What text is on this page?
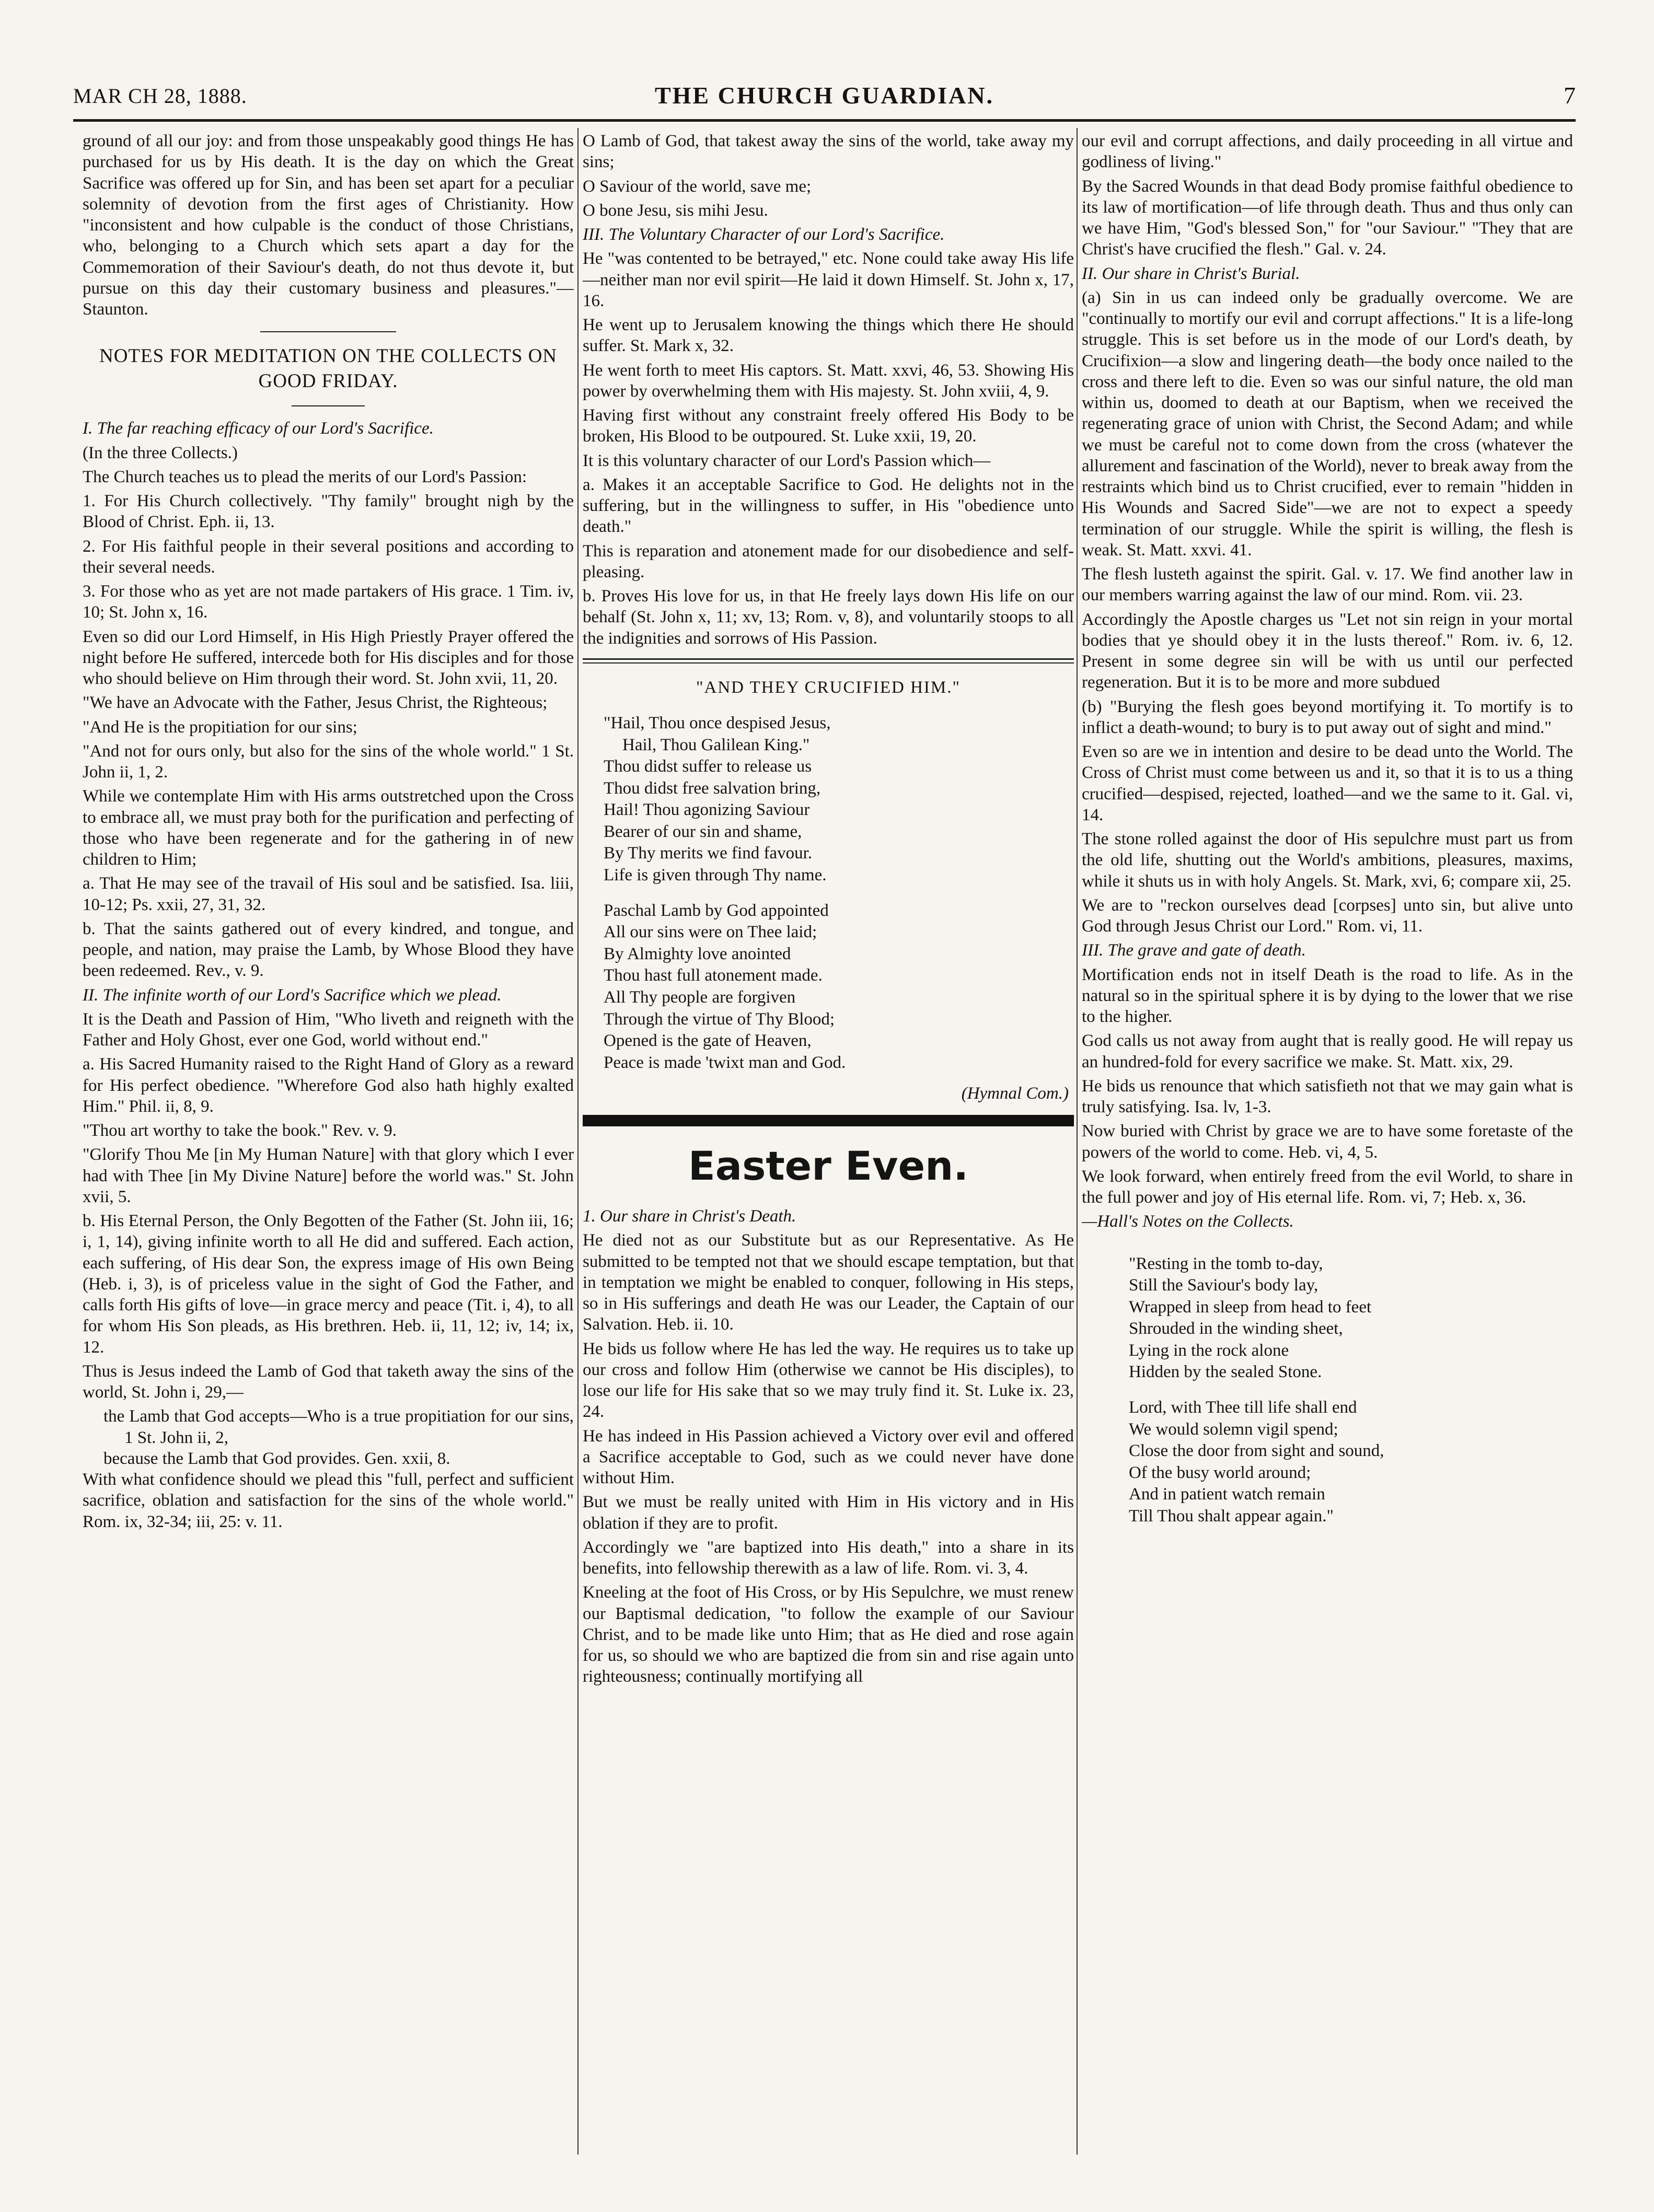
MAR CH 28, 1888.	THE CHURCH GUARDIAN.	7

ground of all our joy: and from those unspeakably good things He has purchased for us by His death. It is the day on which the Great Sacrifice was offered up for Sin, and has been set apart for a peculiar solemnity of devotion from the first ages of Christianity. How "inconsistent and how culpable is the conduct of those Christians, who, belonging to a Church which sets apart a day for the Commemoration of their Saviour's death, do not thus devote it, but pursue on this day their customary business and pleasures."—Staunton.

NOTES FOR MEDITATION ON THE COLLECTS ON GOOD FRIDAY.

I. The far reaching efficacy of our Lord's Sacrifice.

(In the three Collects.)

The Church teaches us to plead the merits of our Lord's Passion:

1. For His Church collectively. "Thy family" brought nigh by the Blood of Christ. Eph. ii, 13.

2. For His faithful people in their several positions and according to their several needs.

3. For those who as yet are not made partakers of His grace. 1 Tim. iv, 10; St. John x, 16.

Even so did our Lord Himself, in His High Priestly Prayer offered the night before He suffered, intercede both for His disciples and for those who should believe on Him through their word. St. John xvii, 11, 20.

"We have an Advocate with the Father, Jesus Christ, the Righteous;

"And He is the propitiation for our sins;

"And not for ours only, but also for the sins of the whole world." 1 St. John ii, 1, 2.

While we contemplate Him with His arms outstretched upon the Cross to embrace all, we must pray both for the purification and perfecting of those who have been regenerate and for the gathering in of new children to Him;

a. That He may see of the travail of His soul and be satisfied. Isa. liii, 10-12; Ps. xxii, 27, 31, 32.

b. That the saints gathered out of every kindred, and tongue, and people, and nation, may praise the Lamb, by Whose Blood they have been redeemed. Rev., v. 9.

II. The infinite worth of our Lord's Sacrifice which we plead.

It is the Death and Passion of Him, "Who liveth and reigneth with the Father and Holy Ghost, ever one God, world without end."

a. His Sacred Humanity raised to the Right Hand of Glory as a reward for His perfect obedience. "Wherefore God also hath highly exalted Him." Phil. ii, 8, 9.

"Thou art worthy to take the book." Rev. v. 9.

"Glorify Thou Me [in My Human Nature] with that glory which I ever had with Thee [in My Divine Nature] before the world was." St. John xvii, 5.

b. His Eternal Person, the Only Begotten of the Father (St. John iii, 16; i, 1, 14), giving infinite worth to all He did and suffered. Each action, each suffering, of His dear Son, the express image of His own Being (Heb. i, 3), is of priceless value in the sight of God the Father, and calls forth His gifts of love—in grace mercy and peace (Tit. i, 4), to all for whom His Son pleads, as His brethren. Heb. ii, 11, 12; iv, 14; ix, 12.

Thus is Jesus indeed the Lamb of God that taketh away the sins of the world, St. John i, 29,—

the Lamb that God accepts—Who is a true propitiation for our sins, 1 St. John ii, 2,

because the Lamb that God provides. Gen. xxii, 8.

With what confidence should we plead this "full, perfect and sufficient sacrifice, oblation and satisfaction for the sins of the whole world." Rom. ix, 32-34; iii, 25: v. 11.

O Lamb of God, that takest away the sins of the world, take away my sins;

O Saviour of the world, save me;

O bone Jesu, sis mihi Jesu.

III. The Voluntary Character of our Lord's Sacrifice.

He "was contented to be betrayed," etc. None could take away His life—neither man nor evil spirit—He laid it down Himself. St. John x, 17, 16.

He went up to Jerusalem knowing the things which there He should suffer. St. Mark x, 32.

He went forth to meet His captors. St. Matt. xxvi, 46, 53. Showing His power by overwhelming them with His majesty. St. John xviii, 4, 9.

Having first without any constraint freely offered His Body to be broken, His Blood to be outpoured. St. Luke xxii, 19, 20.

It is this voluntary character of our Lord's Passion which—

a. Makes it an acceptable Sacrifice to God. He delights not in the suffering, but in the willingness to suffer, in His "obedience unto death."

This is reparation and atonement made for our disobedience and self-pleasing.

b. Proves His love for us, in that He freely lays down His life on our behalf (St. John x, 11; xv, 13; Rom. v, 8), and voluntarily stoops to all the indignities and sorrows of His Passion.

"AND THEY CRUCIFIED HIM."
"Hail, Thou once despised Jesus,
Hail, Thou Galilean King."
Thou didst suffer to release us
Thou didst free salvation bring,
Hail! Thou agonizing Saviour
Bearer of our sin and shame,
By Thy merits we find favour.
Life is given through Thy name.
Paschal Lamb by God appointed
All our sins were on Thee laid;
By Almighty love anointed
Thou hast full atonement made.
All Thy people are forgiven
Through the virtue of Thy Blood;
Opened is the gate of Heaven,
Peace is made 'twixt man and God.

(Hymnal Com.)

Easter Even.

1. Our share in Christ's Death.

He died not as our Substitute but as our Representative. As He submitted to be tempted not that we should escape temptation, but that in temptation we might be enabled to conquer, following in His steps, so in His sufferings and death He was our Leader, the Captain of our Salvation. Heb. ii. 10.

He bids us follow where He has led the way. He requires us to take up our cross and follow Him (otherwise we cannot be His disciples), to lose our life for His sake that so we may truly find it. St. Luke ix. 23, 24.

He has indeed in His Passion achieved a Victory over evil and offered a Sacrifice acceptable to God, such as we could never have done without Him.

But we must be really united with Him in His victory and in His oblation if they are to profit.

Accordingly we "are baptized into His death," into a share in its benefits, into fellowship therewith as a law of life. Rom. vi. 3, 4.

Kneeling at the foot of His Cross, or by His Sepulchre, we must renew our Baptismal dedication, "to follow the example of our Saviour Christ, and to be made like unto Him; that as He died and rose again for us, so should we who are baptized die from sin and rise again unto righteousness; continually mortifying all

our evil and corrupt affections, and daily proceeding in all virtue and godliness of living."

By the Sacred Wounds in that dead Body promise faithful obedience to its law of mortification—of life through death. Thus and thus only can we have Him, "God's blessed Son," for "our Saviour." "They that are Christ's have crucified the flesh." Gal. v. 24.

II. Our share in Christ's Burial.

(a) Sin in us can indeed only be gradually overcome. We are "continually to mortify our evil and corrupt affections." It is a life-long struggle. This is set before us in the mode of our Lord's death, by Crucifixion—a slow and lingering death—the body once nailed to the cross and there left to die. Even so was our sinful nature, the old man within us, doomed to death at our Baptism, when we received the regenerating grace of union with Christ, the Second Adam; and while we must be careful not to come down from the cross (whatever the allurement and fascination of the World), never to break away from the restraints which bind us to Christ crucified, ever to remain "hidden in His Wounds and Sacred Side"—we are not to expect a speedy termination of our struggle. While the spirit is willing, the flesh is weak. St. Matt. xxvi. 41.

The flesh lusteth against the spirit. Gal. v. 17. We find another law in our members warring against the law of our mind. Rom. vii. 23.

Accordingly the Apostle charges us "Let not sin reign in your mortal bodies that ye should obey it in the lusts thereof." Rom. iv. 6, 12. Present in some degree sin will be with us until our perfected regeneration. But it is to be more and more subdued

(b) "Burying the flesh goes beyond mortifying it. To mortify is to inflict a death-wound; to bury is to put away out of sight and mind."

Even so are we in intention and desire to be dead unto the World. The Cross of Christ must come between us and it, so that it is to us a thing crucified—despised, rejected, loathed—and we the same to it. Gal. vi, 14.

The stone rolled against the door of His sepulchre must part us from the old life, shutting out the World's ambitions, pleasures, maxims, while it shuts us in with holy Angels. St. Mark, xvi, 6; compare xii, 25.

We are to "reckon ourselves dead [corpses] unto sin, but alive unto God through Jesus Christ our Lord." Rom. vi, 11.

III. The grave and gate of death.

Mortification ends not in itself Death is the road to life. As in the natural so in the spiritual sphere it is by dying to the lower that we rise to the higher.

God calls us not away from aught that is really good. He will repay us an hundred-fold for every sacrifice we make. St. Matt. xix, 29.

He bids us renounce that which satisfieth not that we may gain what is truly satisfying. Isa. lv, 1-3.

Now buried with Christ by grace we are to have some foretaste of the powers of the world to come. Heb. vi, 4, 5.

We look forward, when entirely freed from the evil World, to share in the full power and joy of His eternal life. Rom. vi, 7; Heb. x, 36.

—Hall's Notes on the Collects.

"Resting in the tomb to-day,
Still the Saviour's body lay,
Wrapped in sleep from head to feet
Shrouded in the winding sheet,
Lying in the rock alone
Hidden by the sealed Stone.
Lord, with Thee till life shall end
We would solemn vigil spend;
Close the door from sight and sound,
Of the busy world around;
And in patient watch remain
Till Thou shalt appear again."
